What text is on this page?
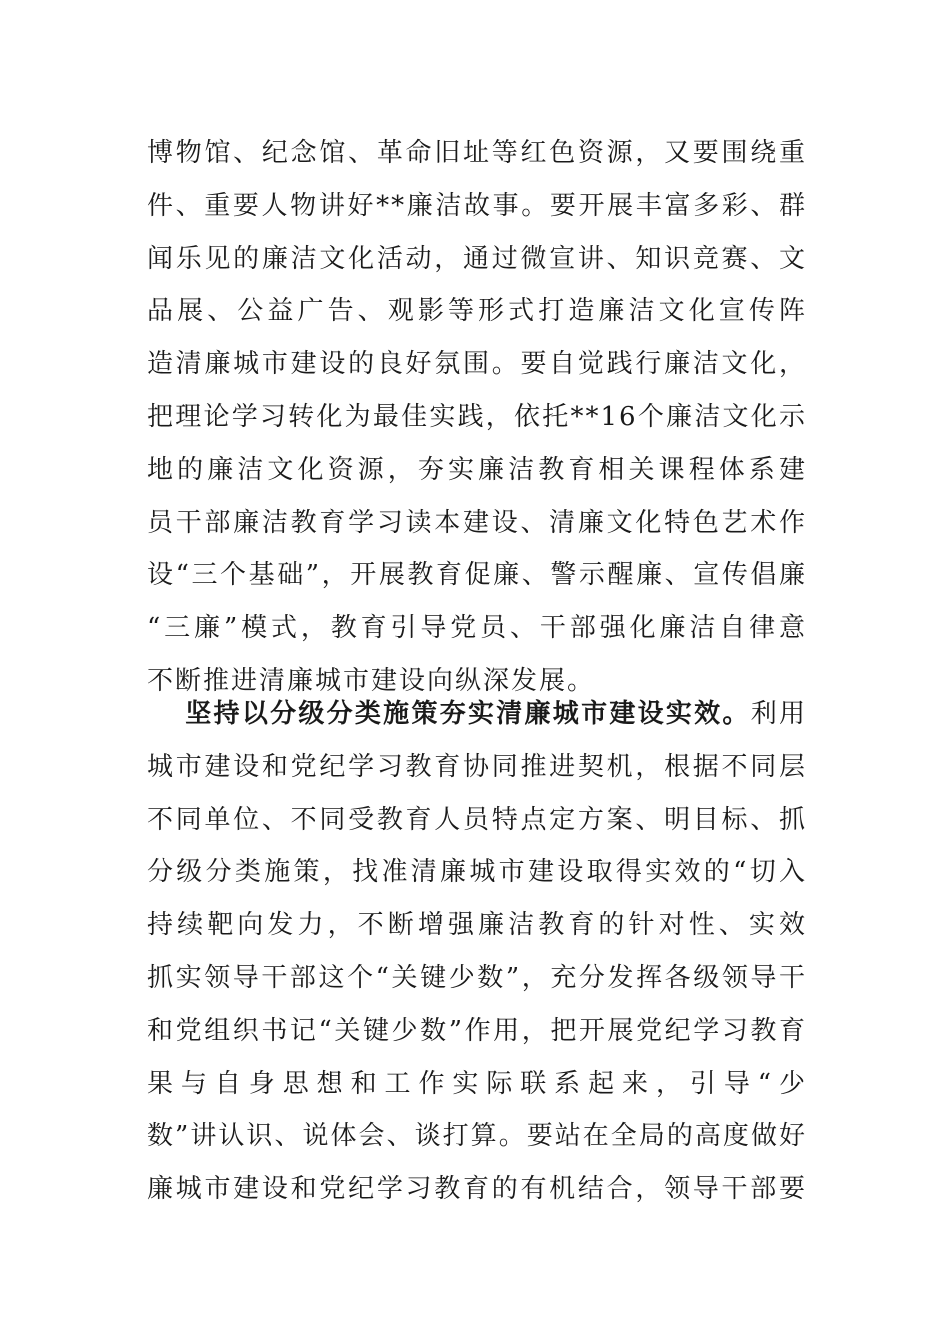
博物馆、纪念馆、革命旧址等红色资源，又要围绕重
件、重要人物讲好**廉洁故事。要开展丰富多彩、群
闻乐见的廉洁文化活动，通过微宣讲、知识竞赛、文
品展、公益广告、观影等形式打造廉洁文化宣传阵
造清廉城市建设的良好氛围。要自觉践行廉洁文化，
把理论学习转化为最佳实践，依托**16个廉洁文化示
地的廉洁文化资源，夯实廉洁教育相关课程体系建
员干部廉洁教育学习读本建设、清廉文化特色艺术作
设“三个基础”，开展教育促廉、警示醒廉、宣传倡廉
“三廉”模式，教育引导党员、干部强化廉洁自律意
不断推进清廉城市建设向纵深发展。
坚持以分级分类施策夯实清廉城市建设实效。利用
城市建设和党纪学习教育协同推进契机，根据不同层
不同单位、不同受教育人员特点定方案、明目标、抓
分级分类施策，找准清廉城市建设取得实效的“切入
持续靶向发力，不断增强廉洁教育的针对性、实效
抓实领导干部这个“关键少数”，充分发挥各级领导干
和党组织书记“关键少数”作用，把开展党纪学习教育
果与自身思想和工作实际联系起来，引导“少
数”讲认识、说体会、谈打算。要站在全局的高度做好
廉城市建设和党纪学习教育的有机结合，领导干部要
